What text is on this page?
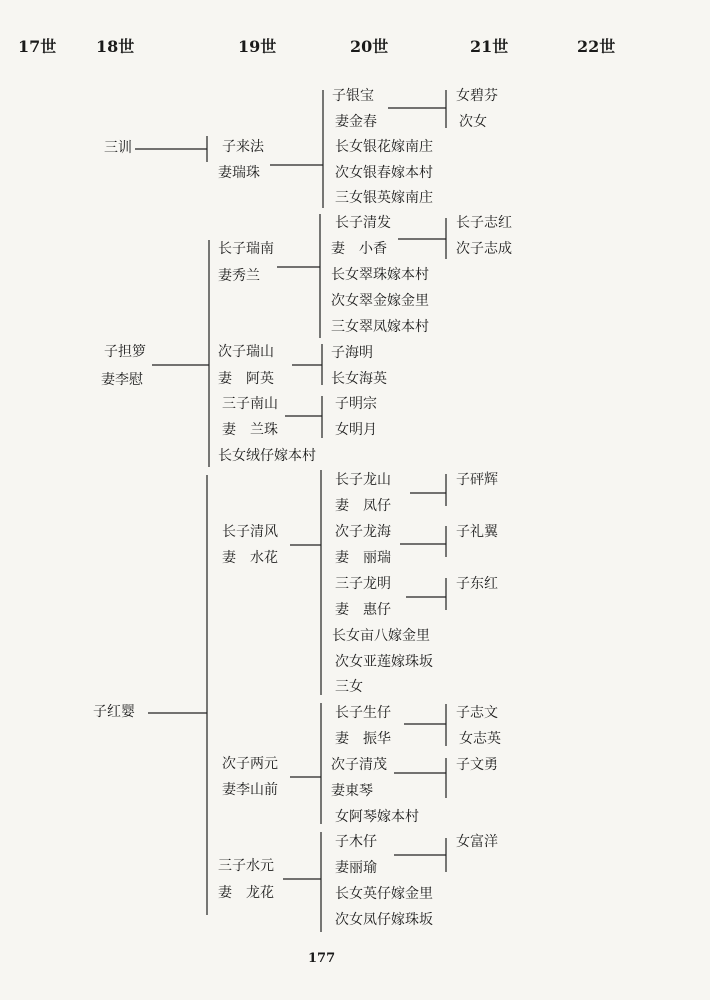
17世 18世	19世	20世	21世	22世
三训
子担箩
妻李慰
子红婴
子来法
妻瑞珠
长子瑞南
妻秀兰
次子瑞山
妻　阿英
三子南山
妻　兰珠
长女绒仔嫁本村
长子清风
妻　水花
次子两元
妻李山前
三子水元
妻　龙花
子银宝
妻金春
长女银花嫁南庄
次女银春嫁本村
三女银英嫁南庄
长子清发
妻　小香
长女翠珠嫁本村
次女翠金嫁金里
三女翠凤嫁本村
子海明
长女海英
子明宗
女明月
长子龙山
妻　凤仔
次子龙海
妻　丽瑞
三子龙明
妻　惠仔
长女亩八嫁金里
次女亚莲嫁珠坂
三女
长子生仔
妻　振华
次子清茂
妻東琴
女阿琴嫁本村
子木仔
妻丽瑜
长女英仔嫁金里
次女凤仔嫁珠坂
女碧芬
次女
长子志红
次子志成
子砰辉
子礼翼
子东红
子志文
女志英
子文勇
女富洋
177
